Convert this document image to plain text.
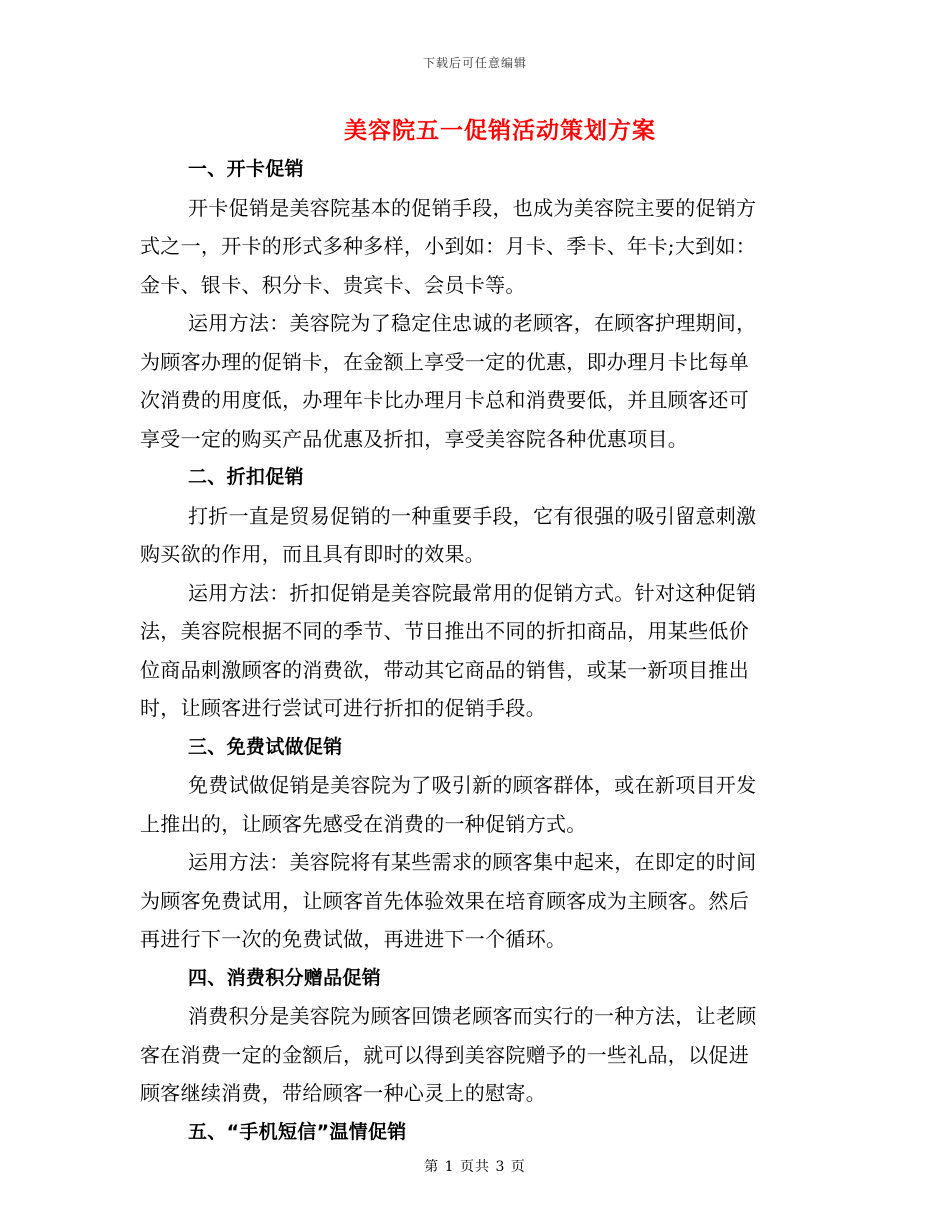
下载后可任意编辑
美容院五一促销活动策划方案
一、开卡促销
开卡促销是美容院基本的促销手段，也成为美容院主要的促销方
式之一，开卡的形式多种多样，小到如：月卡、季卡、年卡;大到如：
金卡、银卡、积分卡、贵宾卡、会员卡等。
运用方法：美容院为了稳定住忠诚的老顾客，在顾客护理期间，
为顾客办理的促销卡，在金额上享受一定的优惠，即办理月卡比每单
次消费的用度低，办理年卡比办理月卡总和消费要低，并且顾客还可
享受一定的购买产品优惠及折扣，享受美容院各种优惠项目。
二、折扣促销
打折一直是贸易促销的一种重要手段，它有很强的吸引留意刺激
购买欲的作用，而且具有即时的效果。
运用方法：折扣促销是美容院最常用的促销方式。针对这种促销
法，美容院根据不同的季节、节日推出不同的折扣商品，用某些低价
位商品刺激顾客的消费欲，带动其它商品的销售，或某一新项目推出
时，让顾客进行尝试可进行折扣的促销手段。
三、免费试做促销
免费试做促销是美容院为了吸引新的顾客群体，或在新项目开发
上推出的，让顾客先感受在消费的一种促销方式。
运用方法：美容院将有某些需求的顾客集中起来，在即定的时间
为顾客免费试用，让顾客首先体验效果在培育顾客成为主顾客。然后
再进行下一次的免费试做，再进进下一个循环。
四、消费积分赠品促销
消费积分是美容院为顾客回馈老顾客而实行的一种方法，让老顾
客在消费一定的金额后，就可以得到美容院赠予的一些礼品，以促进
顾客继续消费，带给顾客一种心灵上的慰寄。
五、“手机短信”温情促销
第 1 页共 3 页
